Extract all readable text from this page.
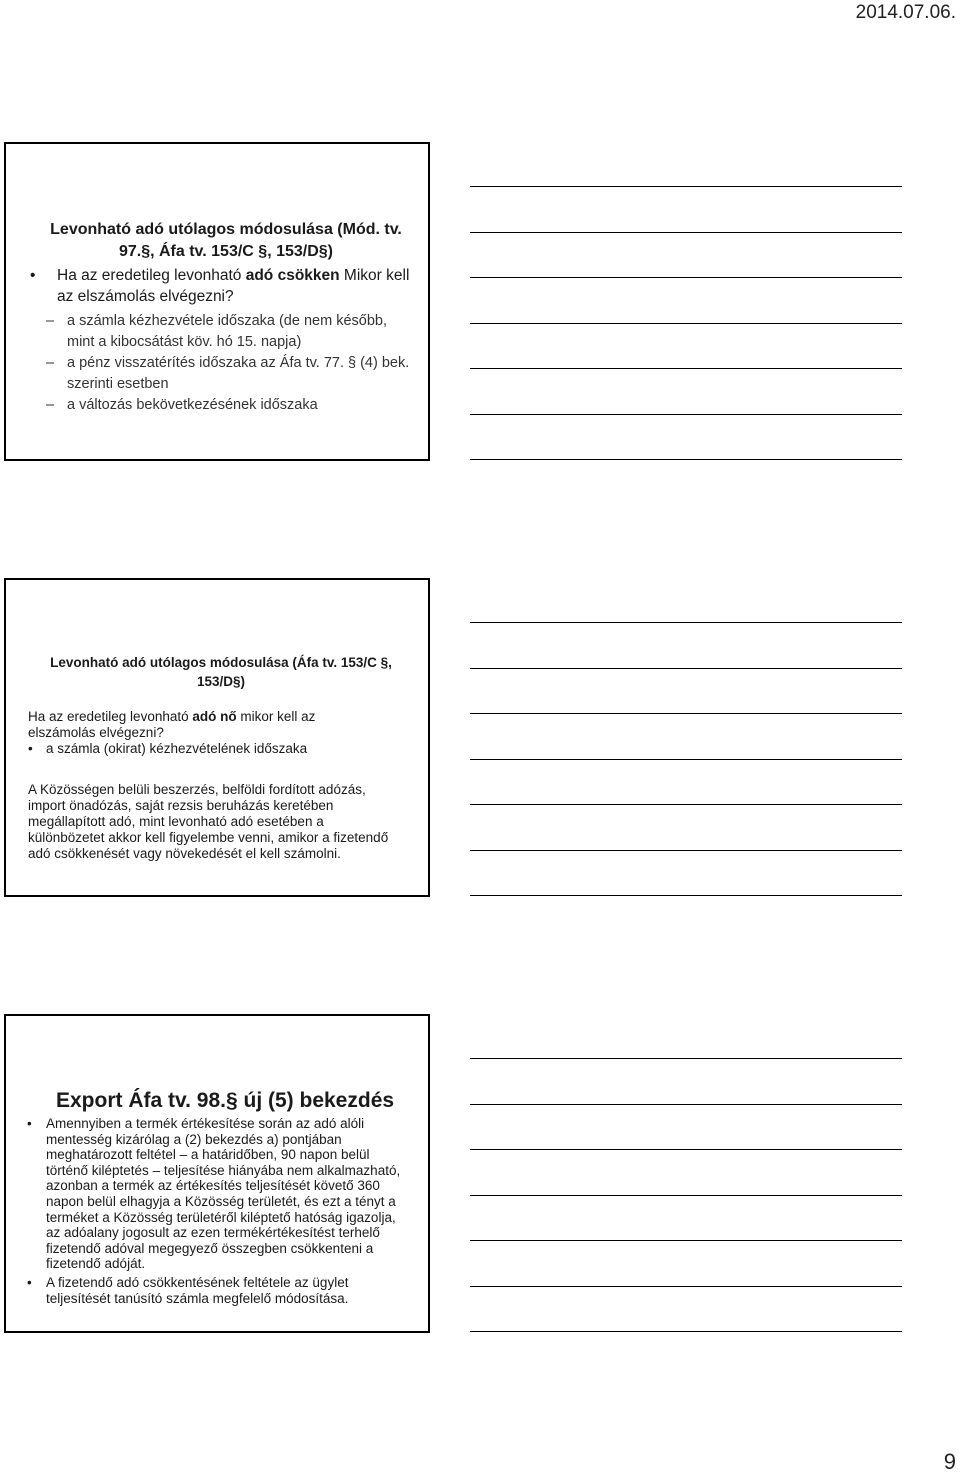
2014.07.06.
Levonható adó utólagos módosulása (Mód. tv. 97.§, Áfa tv. 153/C §, 153/D§)
• Ha az eredetileg levonható adó csökken Mikor kell az elszámolás elvégezni?
– a számla kézhezvétele időszaka (de nem később, mint a kibocsátást köv. hó 15. napja)
– a pénz visszatérítés időszaka az Áfa tv. 77. § (4) bek. szerinti esetben
– a változás bekövetkezésének időszaka
Levonható adó utólagos módosulása (Áfa tv. 153/C §, 153/D§)
Ha az eredetileg levonható adó nő mikor kell az elszámolás elvégezni?
• a számla (okirat) kézhezvételének időszaka
A Közösségen belüli beszerzés, belföldi fordított adózás, import önadózás, saját rezsis beruházás keretében megállapított adó, mint levonható adó esetében a különbözetet akkor kell figyelembe venni, amikor a fizetendő adó csökkenését vagy növekedését el kell számolni.
Export Áfa tv. 98.§ új (5) bekezdés
• Amennyiben a termék értékesítése során az adó alóli mentesség kizárólag a (2) bekezdés a) pontjában meghatározott feltétel – a határidőben, 90 napon belül történő kiléptetés – teljesítése hiányába nem alkalmazható, azonban a termék az értékesítés teljesítését követő 360 napon belül elhagyja a Közösség területét, és ezt a tényt a terméket a Közösség területéről kiléptető hatóság igazolja, az adóalany jogosult az ezen termékértékesítést terhelő fizetendő adóval megegyező összegben csökkenteni a fizetendő adóját.
• A fizetendő adó csökkentésének feltétele az ügylet teljesítését tanúsító számla megfelelő módosítása.
9
